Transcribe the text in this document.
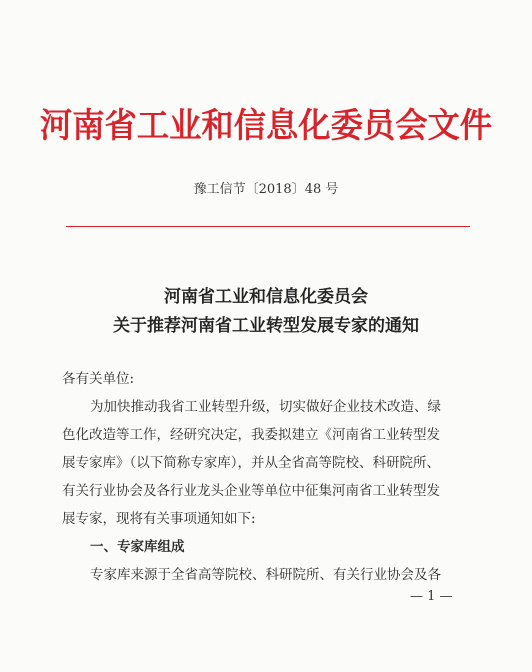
河南省工业和信息化委员会文件
豫工信节〔2018〕48 号
河南省工业和信息化委员会
关于推荐河南省工业转型发展专家的通知
各有关单位:
为加快推动我省工业转型升级，切实做好企业技术改造、绿
色化改造等工作，经研究决定，我委拟建立《河南省工业转型发
展专家库》（以下简称专家库），并从全省高等院校、科研院所、
有关行业协会及各行业龙头企业等单位中征集河南省工业转型发
展专家，现将有关事项通知如下:
一、专家库组成
专家库来源于全省高等院校、科研院所、有关行业协会及各
— 1 —
